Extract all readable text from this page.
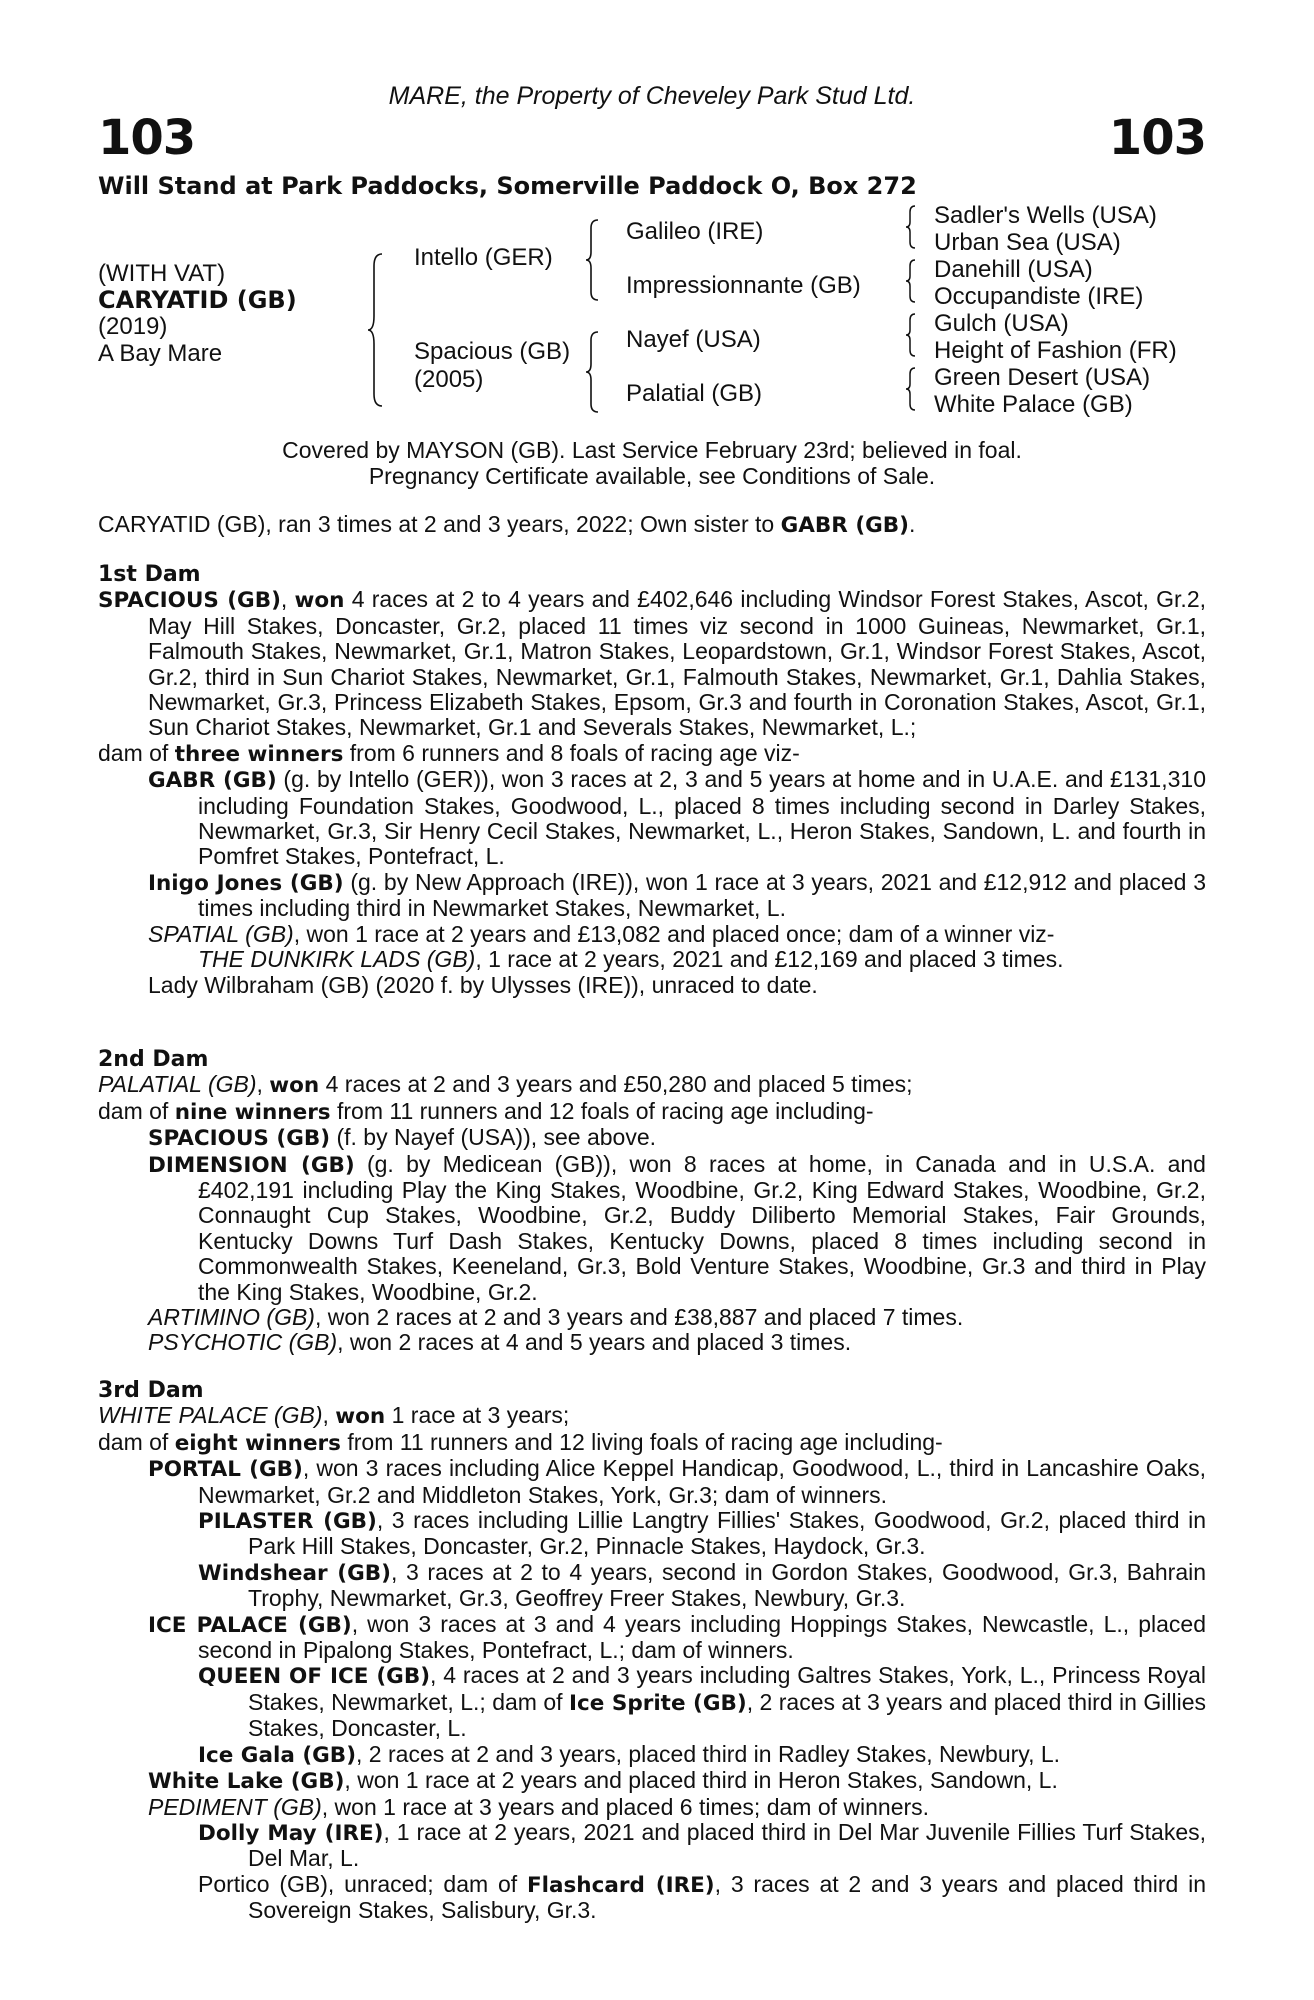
MARE, the Property of Cheveley Park Stud Ltd.
103	103
Will Stand at Park Paddocks, Somerville Paddock O, Box 272
(WITH VAT)
CARYATID (GB)
(2019)
A Bay Mare
Intello (GER)
Spacious (GB)
(2005)
Galileo (IRE)
Impressionnante (GB)
Nayef (USA)
Palatial (GB)
Sadler's Wells (USA)
Urban Sea (USA)
Danehill (USA)
Occupandiste (IRE)
Gulch (USA)
Height of Fashion (FR)
Green Desert (USA)
White Palace (GB)
Covered by MAYSON (GB). Last Service February 23rd; believed in foal.
Pregnancy Certificate available, see Conditions of Sale.

CARYATID (GB), ran 3 times at 2 and 3 years, 2022; Own sister to GABR (GB).

1st Dam

SPACIOUS (GB), won 4 races at 2 to 4 years and £402,646 including Windsor Forest Stakes, Ascot, Gr.2, May Hill Stakes, Doncaster, Gr.2, placed 11 times viz second in 1000 Guineas, Newmarket, Gr.1, Falmouth Stakes, Newmarket, Gr.1, Matron Stakes, Leopardstown, Gr.1, Windsor Forest Stakes, Ascot, Gr.2, third in Sun Chariot Stakes, Newmarket, Gr.1, Falmouth Stakes, Newmarket, Gr.1, Dahlia Stakes, Newmarket, Gr.3, Princess Elizabeth Stakes, Epsom, Gr.3 and fourth in Coronation Stakes, Ascot, Gr.1, Sun Chariot Stakes, Newmarket, Gr.1 and Severals Stakes, Newmarket, L.;

dam of three winners from 6 runners and 8 foals of racing age viz-

GABR (GB) (g. by Intello (GER)), won 3 races at 2, 3 and 5 years at home and in U.A.E. and £131,310 including Foundation Stakes, Goodwood, L., placed 8 times including second in Darley Stakes, Newmarket, Gr.3, Sir Henry Cecil Stakes, Newmarket, L., Heron Stakes, Sandown, L. and fourth in Pomfret Stakes, Pontefract, L.

Inigo Jones (GB) (g. by New Approach (IRE)), won 1 race at 3 years, 2021 and £12,912 and placed 3 times including third in Newmarket Stakes, Newmarket, L.

SPATIAL (GB), won 1 race at 2 years and £13,082 and placed once; dam of a winner viz-

THE DUNKIRK LADS (GB), 1 race at 2 years, 2021 and £12,169 and placed 3 times.

Lady Wilbraham (GB) (2020 f. by Ulysses (IRE)), unraced to date.

2nd Dam

PALATIAL (GB), won 4 races at 2 and 3 years and £50,280 and placed 5 times;

dam of nine winners from 11 runners and 12 foals of racing age including-

SPACIOUS (GB) (f. by Nayef (USA)), see above.

DIMENSION (GB) (g. by Medicean (GB)), won 8 races at home, in Canada and in U.S.A. and £402,191 including Play the King Stakes, Woodbine, Gr.2, King Edward Stakes, Woodbine, Gr.2, Connaught Cup Stakes, Woodbine, Gr.2, Buddy Diliberto Memorial Stakes, Fair Grounds, Kentucky Downs Turf Dash Stakes, Kentucky Downs, placed 8 times including second in Commonwealth Stakes, Keeneland, Gr.3, Bold Venture Stakes, Woodbine, Gr.3 and third in Play the King Stakes, Woodbine, Gr.2.

ARTIMINO (GB), won 2 races at 2 and 3 years and £38,887 and placed 7 times.

PSYCHOTIC (GB), won 2 races at 4 and 5 years and placed 3 times.

3rd Dam

WHITE PALACE (GB), won 1 race at 3 years;

dam of eight winners from 11 runners and 12 living foals of racing age including-

PORTAL (GB), won 3 races including Alice Keppel Handicap, Goodwood, L., third in Lancashire Oaks, Newmarket, Gr.2 and Middleton Stakes, York, Gr.3; dam of winners.

PILASTER (GB), 3 races including Lillie Langtry Fillies' Stakes, Goodwood, Gr.2, placed third in Park Hill Stakes, Doncaster, Gr.2, Pinnacle Stakes, Haydock, Gr.3.

Windshear (GB), 3 races at 2 to 4 years, second in Gordon Stakes, Goodwood, Gr.3, Bahrain Trophy, Newmarket, Gr.3, Geoffrey Freer Stakes, Newbury, Gr.3.

ICE PALACE (GB), won 3 races at 3 and 4 years including Hoppings Stakes, Newcastle, L., placed second in Pipalong Stakes, Pontefract, L.; dam of winners.

QUEEN OF ICE (GB), 4 races at 2 and 3 years including Galtres Stakes, York, L., Princess Royal Stakes, Newmarket, L.; dam of Ice Sprite (GB), 2 races at 3 years and placed third in Gillies Stakes, Doncaster, L.

Ice Gala (GB), 2 races at 2 and 3 years, placed third in Radley Stakes, Newbury, L.

White Lake (GB), won 1 race at 2 years and placed third in Heron Stakes, Sandown, L.

PEDIMENT (GB), won 1 race at 3 years and placed 6 times; dam of winners.

Dolly May (IRE), 1 race at 2 years, 2021 and placed third in Del Mar Juvenile Fillies Turf Stakes, Del Mar, L.

Portico (GB), unraced; dam of Flashcard (IRE), 3 races at 2 and 3 years and placed third in Sovereign Stakes, Salisbury, Gr.3.
